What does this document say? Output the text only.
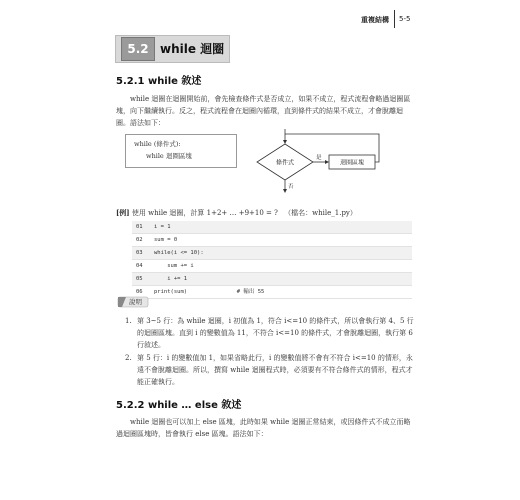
重複結構 5-5
5.2 while 迴圈
5.2.1 while 敘述
while 迴圈在迴圈開始前，會先檢查條件式是否成立，如果不成立，程式流程會略過迴圈區塊，向下繼續執行。反之，程式流程會在迴圈內循環，直到條件式的結果不成立，才會脫離迴圈。語法如下：
while (條件式):
while 迴圈區塊
條件式
是
迴圈區塊
否
[例] 使用 while 迴圈，計算 1+2+ … +9+10 = ? （檔名：while_1.py）
01 i = 1
02 sum = 0
03 while(i <= 10):
04    sum += i
05    i += 1
06 print(sum)               # 輸出 55
說明
1. 第 3~5 行：為 while 迴圈，i 初值為 1，符合 i<=10 的條件式，所以會執行第 4、5 行的迴圈區塊。直到 i 的變數值為 11，不符合 i<=10 的條件式，才會脫離迴圈，執行第 6 行敘述。
2. 第 5 行：i 的變數值加 1，如果省略此行，i 的變數值將不會有不符合 i<=10 的情形，永遠不會脫離迴圈。所以，撰寫 while 迴圈程式時，必須要有不符合條件式的情形，程式才能正確執行。
5.2.2 while … else 敘述
while 迴圈也可以加上 else 區塊，此時如果 while 迴圈正常結束，或因條件式不成立而略過迴圈區塊時，皆會執行 else 區塊。語法如下：
